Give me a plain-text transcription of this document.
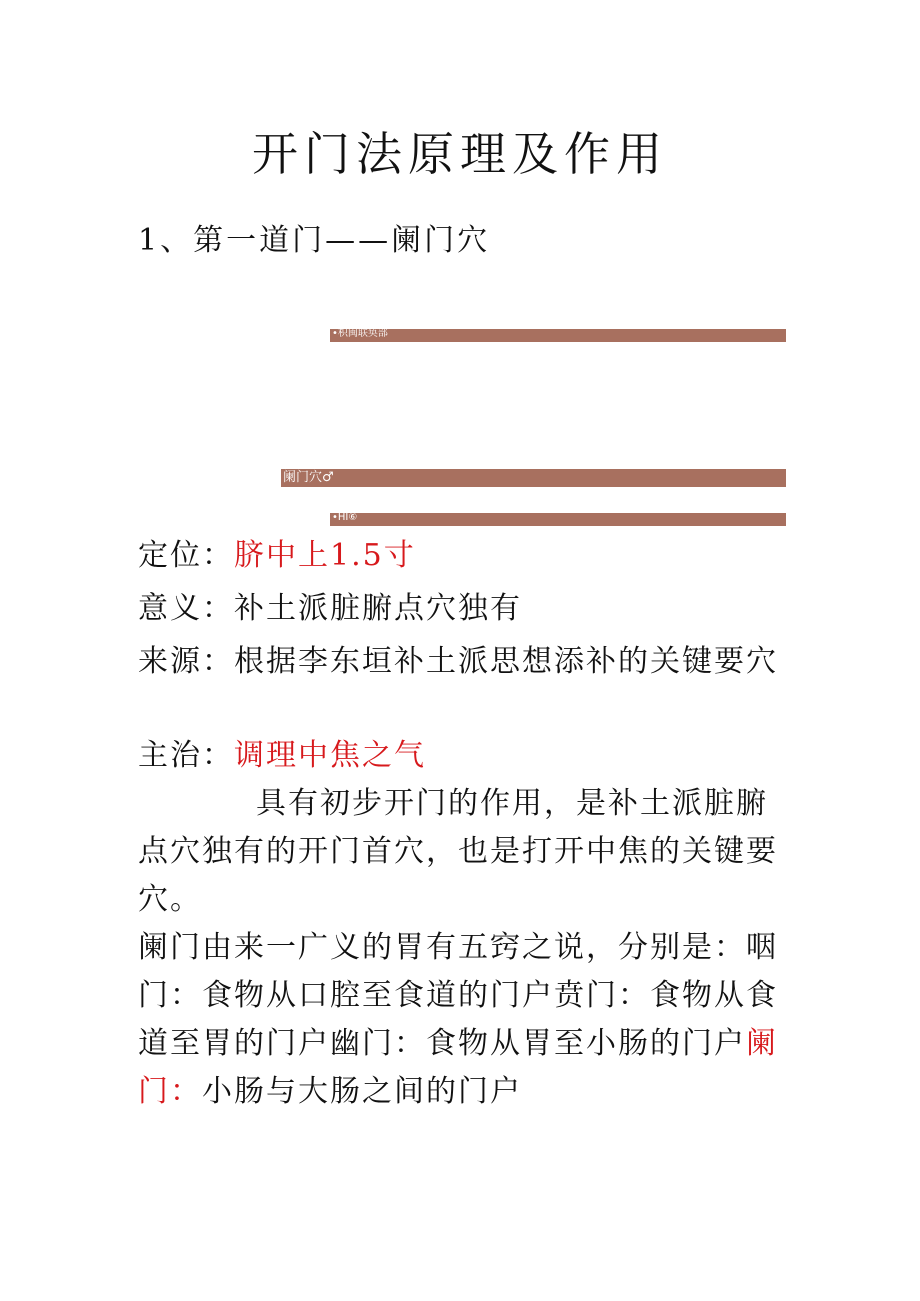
开门法原理及作用
1、第一道门——阑门穴
•枳闽联奂部
阑门穴♂
•HI⑥
定位：脐中上1.5寸
意义：补土派脏腑点穴独有
来源：根据李东垣补土派思想添补的关键要穴
主治：调理中焦之气
具有初步开门的作用，是补土派脏腑点穴独有的开门首穴，也是打开中焦的关键要穴。
阑门由来一广义的胃有五窍之说，分别是：咽门：食物从口腔至食道的门户贲门：食物从食道至胃的门户幽门：食物从胃至小肠的门户阑门：小肠与大肠之间的门户
